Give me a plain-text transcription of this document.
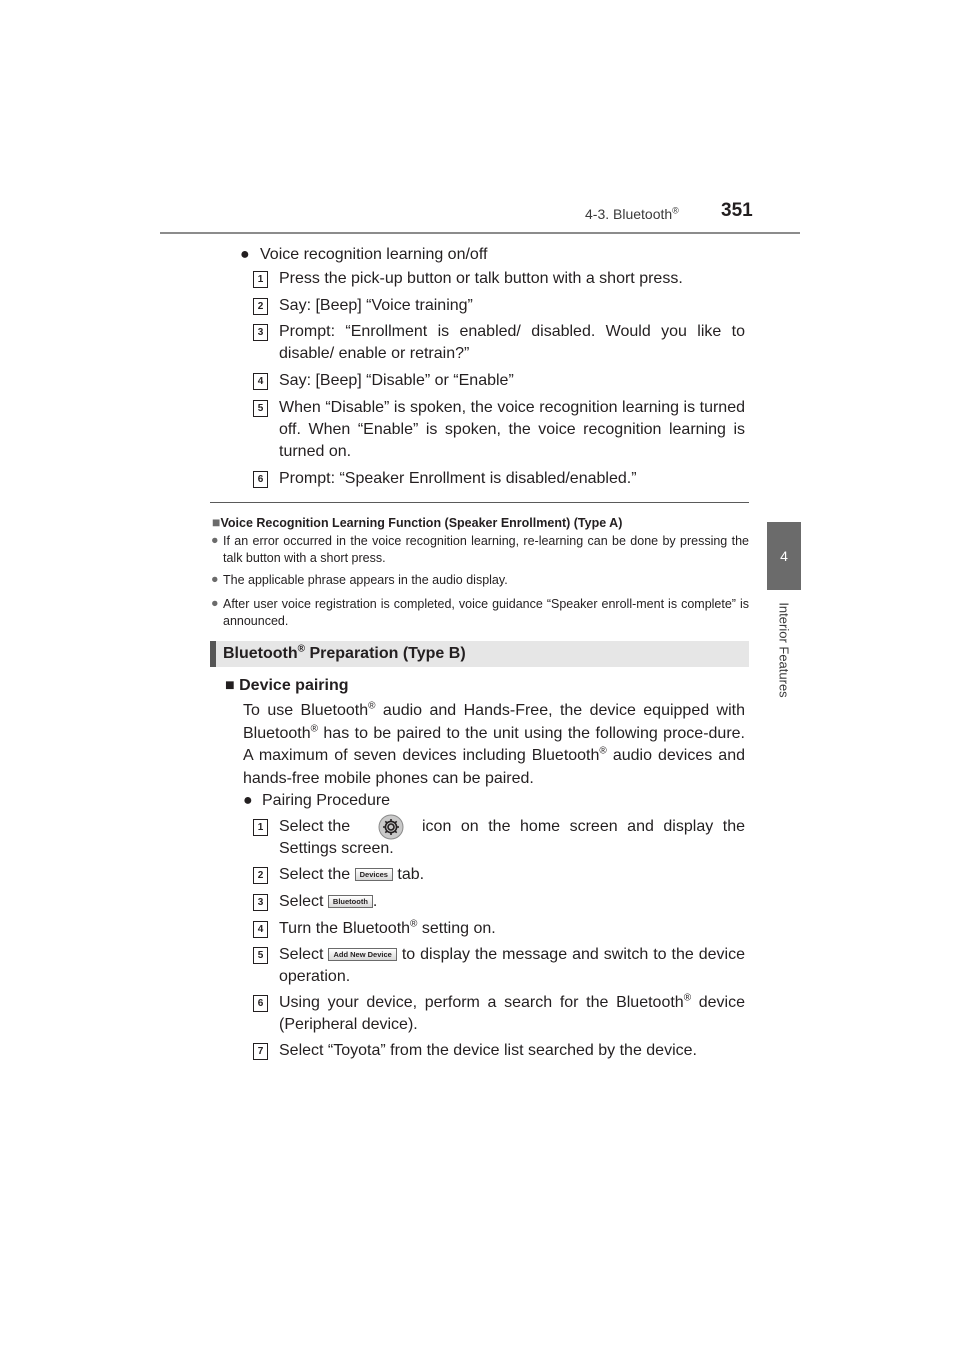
4-3. Bluetooth® 351
4
Interior Features
● Voice recognition learning on/off
1 Press the pick-up button or talk button with a short press.
2 Say: [Beep] “Voice training”
3 Prompt: “Enrollment is enabled/ disabled. Would you like to disable/ enable or retrain?”
4 Say: [Beep] “Disable” or “Enable”
5 When “Disable” is spoken, the voice recognition learning is turned off. When “Enable” is spoken, the voice recognition learning is turned on.
6 Prompt: “Speaker Enrollment is disabled/enabled.”
■Voice Recognition Learning Function (Speaker Enrollment) (Type A)
● If an error occurred in the voice recognition learning, re-learning can be done by pressing the talk button with a short press.
● The applicable phrase appears in the audio display.
● After user voice registration is completed, voice guidance “Speaker enroll-ment is complete” is announced.
Bluetooth® Preparation (Type B)
■ Device pairing
To use Bluetooth® audio and Hands-Free, the device equipped with Bluetooth® has to be paired to the unit using the following proce-dure. A maximum of seven devices including Bluetooth® audio devices and hands-free mobile phones can be paired.
● Pairing Procedure
1 Select the	icon on the home screen and display the Settings screen.
2 Select the Devices tab.
3 Select Bluetooth .
4 Turn the Bluetooth® setting on.
5 Select Add New Device to display the message and switch to the device operation.
6 Using your device, perform a search for the Bluetooth® device (Peripheral device).
7 Select “Toyota” from the device list searched by the device.
